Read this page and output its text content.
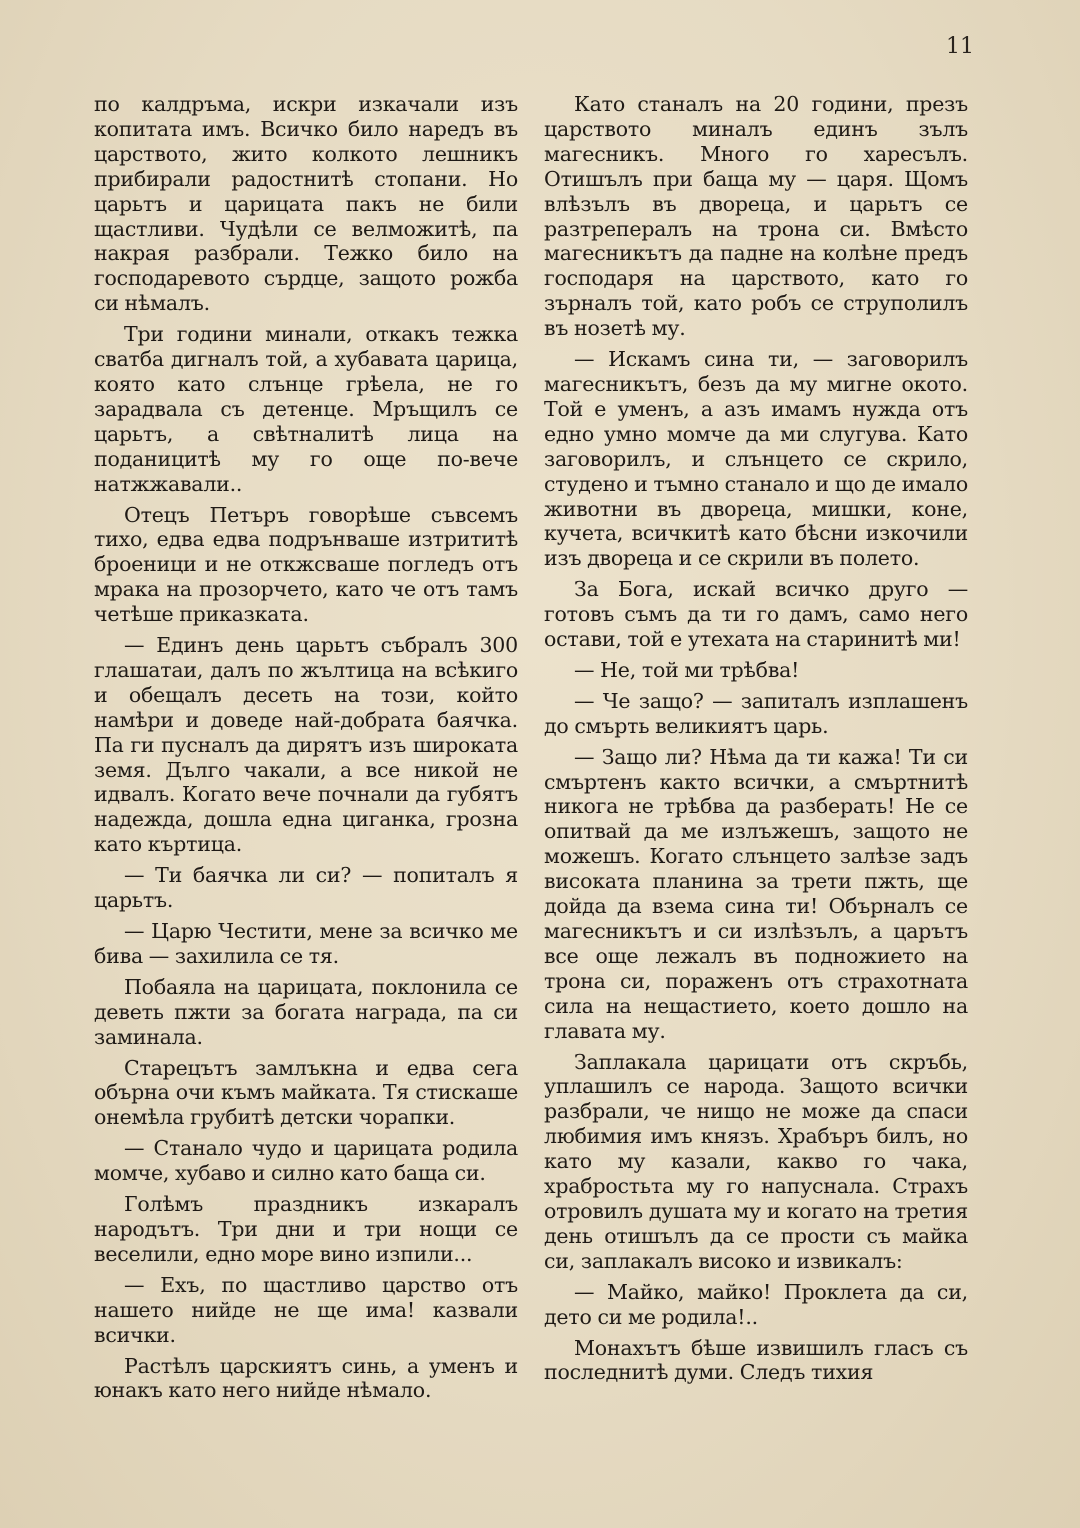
11

по калдръма, искри изкачали изъ копитата имъ. Всичко било наредъ въ царството, жито колкото лешникъ прибирали радостнитѣ стопани. Но царьтъ и царицата пакъ не били щастливи. Чудѣли се велможитѣ, па накрая разбрали. Тежко било на господаревото сърдце, защото рожба си нѣмалъ.

Три години минали, откакъ тежка сватба дигналъ той, а хубавата царица, която като слънце грѣела, не го зарадвала съ детенце. Мръщилъ се царьтъ, а свѣтналитѣ лица на поданицитѣ му го още по-вече натжжавали..

Отецъ Петъръ говорѣше съвсемъ тихо, едва едва подрънваше изтрититѣ броеници и не откжсваше погледъ отъ мрака на прозорчето, като че отъ тамъ четѣше приказката.

— Единъ день царьтъ събралъ 300 глашатаи, далъ по жълтица на всѣкиго и обещалъ десеть на този, който намѣри и доведе най-добрата баячка. Па ги пусналъ да дирятъ изъ широката земя. Дълго чакали, а все никой не идвалъ. Когато вече почнали да губятъ надежда, дошла една циганка, грозна като къртица.

— Ти баячка ли си? — попиталъ я царьтъ.

— Царю Честити, мене за всичко ме бива — захилила се тя.

Побаяла на царицата, поклонила се деветь пжти за богата награда, па си заминала.

Старецътъ замлъкна и едва сега обърна очи къмъ майката. Тя стискаше онемѣла грубитѣ детски чорапки.

— Станало чудо и царицата родила момче, хубаво и силно като баща си.

Голѣмъ праздникъ изкаралъ народътъ. Три дни и три нощи се веселили, едно море вино изпили...

— Ехъ, по щастливо царство отъ нашето нийде не ще има! казвали всички.

Растѣлъ царскиятъ синь, а уменъ и юнакъ като него нийде нѣмало.

Като станалъ на 20 години, презъ царството миналъ единъ зълъ магесникъ. Много го харесълъ. Отишълъ при баща му — царя. Щомъ влѣзълъ въ двореца, и царьтъ се разтрепералъ на трона си. Вмѣсто магесникътъ да падне на колѣне предъ господаря на царството, като го зърналъ той, като робъ се струполилъ въ нозетѣ му.

— Искамъ сина ти, — заговорилъ магесникътъ, безъ да му мигне окото. Той е уменъ, а азъ имамъ нужда отъ едно умно момче да ми слугува. Като заговорилъ, и слънцето се скрило, студено и тъмно станало и що де имало животни въ двореца, мишки, коне, кучета, всичкитѣ като бѣсни изкочили изъ двореца и се скрили въ полето.

За Бога, искай всичко друго — готовъ съмъ да ти го дамъ, само него остави, той е утехата на старинитѣ ми!

— Не, той ми трѣбва!

— Че защо? — запиталъ изплашенъ до смърть великиятъ царь.

— Защо ли? Нѣма да ти кажа! Ти си смъртенъ както всички, а смъртнитѣ никога не трѣбва да разберать! Не се опитвай да ме излъжешъ, защото не можешъ. Когато слънцето залѣзе задъ високата планина за трети пжть, ще дойда да взема сина ти! Обърналъ се магесникътъ и си излѣзълъ, а царътъ все още лежалъ въ подножието на трона си, пораженъ отъ страхотната сила на нещастието, което дошло на главата му.

Заплакала царицати отъ скръбь, уплашилъ се народа. Защото всички разбрали, че нищо не може да спаси любимия имъ князъ. Храбъръ билъ, но като му казали, какво го чака, храбростьта му го напуснала. Страхъ отровилъ душата му и когато на третия день отишълъ да се прости съ майка си, заплакалъ високо и извикалъ:

— Майко, майко! Проклета да си, дето си ме родила!..

Монахътъ бѣше извишилъ гласъ съ последнитѣ думи. Следъ тихия
